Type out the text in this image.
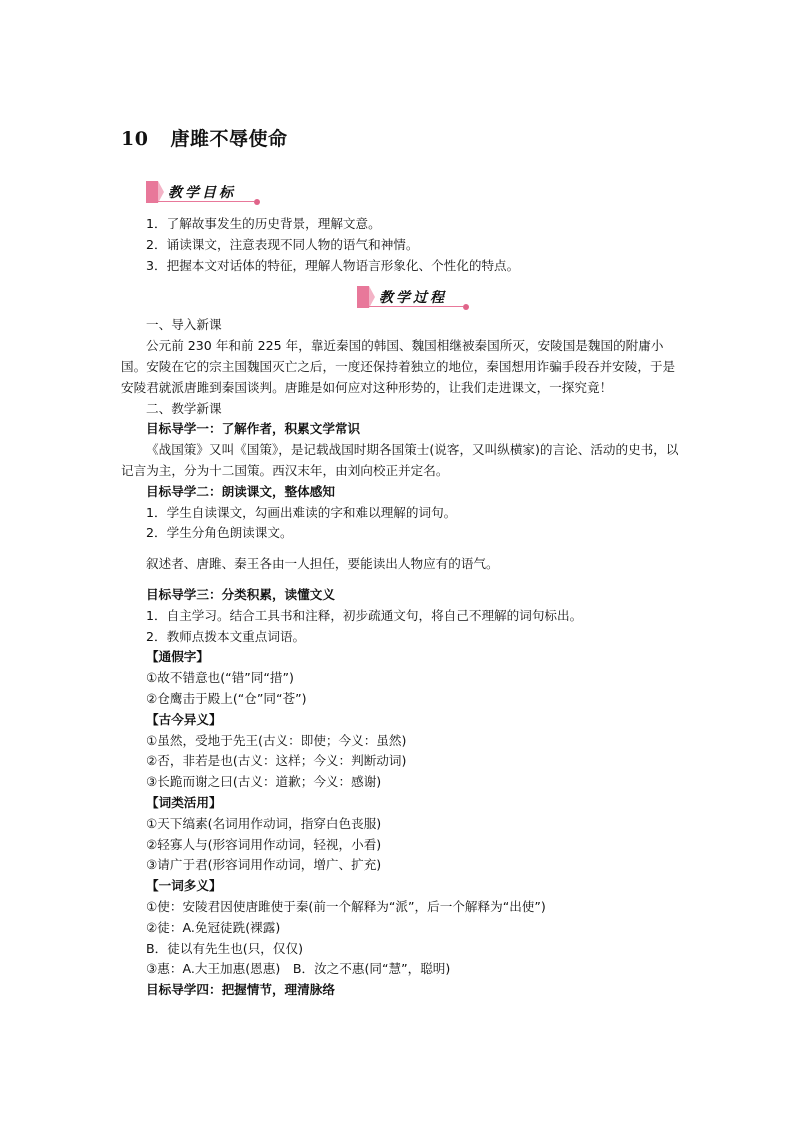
10 唐雎不辱使命
教学目标
教学过程

1．了解故事发生的历史背景，理解文意。

2．诵读课文，注意表现不同人物的语气和神情。

3．把握本文对话体的特征，理解人物语言形象化、个性化的特点。

一、导入新课

公元前 230 年和前 225 年，靠近秦国的韩国、魏国相继被秦国所灭，安陵国是魏国的附庸小国。安陵在它的宗主国魏国灭亡之后，一度还保持着独立的地位，秦国想用诈骗手段吞并安陵，于是安陵君就派唐雎到秦国谈判。唐雎是如何应对这种形势的，让我们走进课文，一探究竟！

二、教学新课

目标导学一：了解作者，积累文学常识

《战国策》又叫《国策》，是记载战国时期各国策士(说客，又叫纵横家)的言论、活动的史书，以记言为主，分为十二国策。西汉末年，由刘向校正并定名。

目标导学二：朗读课文，整体感知

1．学生自读课文，勾画出难读的字和难以理解的词句。

2．学生分角色朗读课文。

叙述者、唐雎、秦王各由一人担任，要能读出人物应有的语气。

目标导学三：分类积累，读懂文义

1．自主学习。结合工具书和注释，初步疏通文句，将自己不理解的词句标出。

2．教师点拨本文重点词语。

【通假字】

①故不错意也(“错”同“措”)

②仓鹰击于殿上(“仓”同“苍”)

【古今异义】

①虽然，受地于先王(古义：即使；今义：虽然)

②否，非若是也(古义：这样；今义：判断动词)

③长跪而谢之曰(古义：道歉；今义：感谢)

【词类活用】

①天下缟素(名词用作动词，指穿白色丧服)

②轻寡人与(形容词用作动词，轻视，小看)

③请广于君(形容词用作动词，增广、扩充)

【一词多义】

①使：安陵君因使唐雎使于秦(前一个解释为“派”，后一个解释为“出使”)

②徒：A.免冠徒跣(裸露)

B．徒以有先生也(只，仅仅)

③惠：A.大王加惠(恩惠)　B．汝之不惠(同“慧”，聪明)

目标导学四：把握情节，理清脉络
